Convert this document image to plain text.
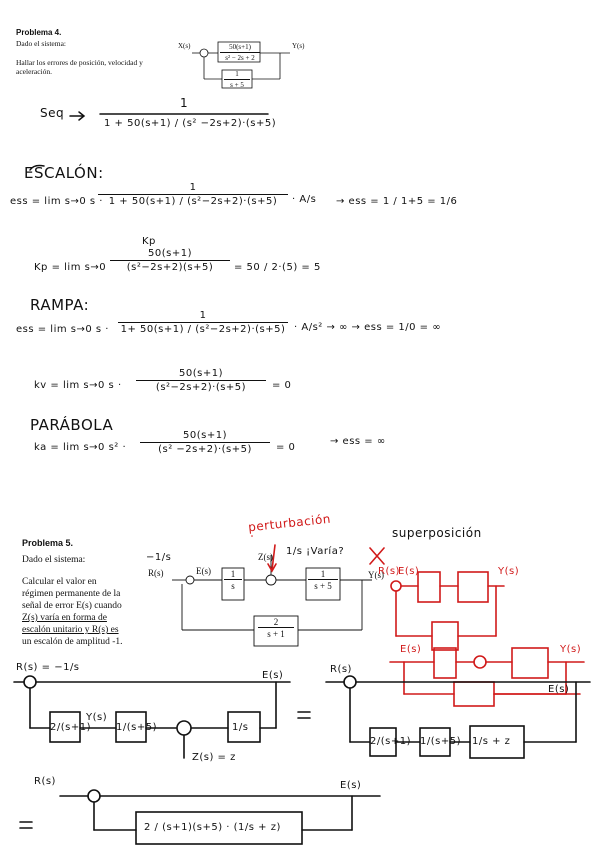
Problema 4.
Dado el sistema:
Hallar los errores de posición, velocidad y
aceleración.
X(s)	Y(s)
$\frac{50(s+1)}{\text{s² − 2s + 2}}$
$\frac{1}{s + 5}$
Seq
1
1 + 50(s+1) / (s² −2s+2)·(s+5)
ESCALÓN:
ess = lim s→0 s ·
$\frac{1}{\text{1 + 50(s+1) / (s²−2s+2)·(s+5)}} \cdot A/s$ → ess = 1 / 1+5 = 1/6
Kp
$Kp = \lim s\to 0 \frac{50(s+1)}{\text{(s²−2s+2)(s+5)}} = 50 / 2\cdot(5) = 5$
RAMPA:
ess = lim s→0 $s \cdot \frac{1}{\text{1+ 50(s+1) / (s²−2s+2)·(s+5)}} \cdot A/s^2$ → ∞ → ess = 1/0 = ∞
kv = lim s→0 $s \cdot \frac{50(s+1)}{\text{(s²−2s+2)·(s+5)}} = 0$
PARÁBOLA
ka = lim s→0 $s^2 \cdot \frac{50(s+1)}{\text{(s² −2s+2)·(s+5)}} = 0$
→ ess = ∞
Problema 5.
Dado el sistema:
Calcular el valor en
régimen permanente de la
señal de error E(s) cuando
Z(s) varía en forma de
escalón unitario y R(s) es
un escalón de amplitud -1.
R(s)	E(s)
Z(s)
Y(s)
$\frac{1}{s}$	$\frac{1}{s + 5}$
$\frac{2}{s + 1}$
perturbación	superposición
−1/s
1/s ¡Varía?
R(s) = −1/s
E(s)
Y(s)
2/(s+1)	1/(s+5)	1/s
Z(s) = z
R(s)
2/(s+1) 1/(s+5) 1/s + z
R(s)
E(s)	Y(s)
E(s)	Y(s)
E(s)
R(s)	E(s)
2 / (s+1)(s+5) · (1/s + z)
